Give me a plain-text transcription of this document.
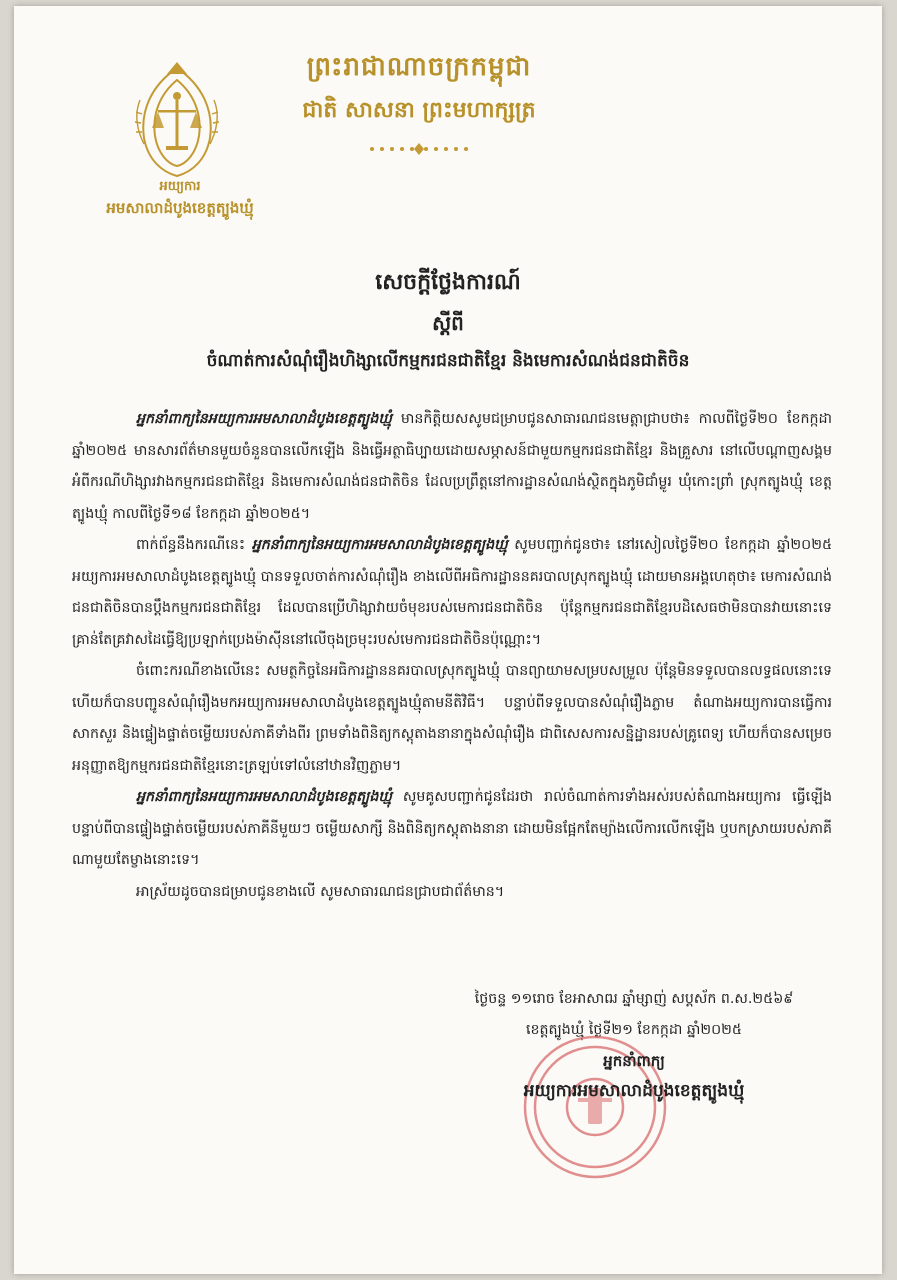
អយ្យការ
អមសាលាដំបូងខេត្តត្បូងឃ្មុំ
ព្រះរាជាណាចក្រកម្ពុជា
ជាតិ សាសនា ព្រះមហាក្សត្រ
សេចក្តីថ្លែងការណ៍
ស្តីពី
ចំណាត់ការសំណុំរឿងហិង្សាលើកម្មករជនជាតិខ្មែរ និងមេការសំណង់ជនជាតិចិន

អ្នកនាំពាក្យនៃអយ្យការអមសាលាដំបូងខេត្តត្បូងឃ្មុំ មានកិត្តិយសសូមជម្រាបជូនសាធារណជនមេត្តាជ្រាបថា៖ កាលពីថ្ងៃទី២០ ខែកក្កដា ឆ្នាំ២០២៥ មានសារព័ត៌មានមួយចំនួនបានលើកឡើង និងធ្វើអត្ថាធិប្បាយដោយសម្ភាសន៍ជាមួយកម្មករជនជាតិខ្មែរ និងគ្រួសារ នៅលើបណ្តាញសង្គម អំពីករណីហិង្សារវាងកម្មករជនជាតិខ្មែរ និងមេការសំណង់ជនជាតិចិន ដែលប្រព្រឹត្តនៅការដ្ឋានសំណង់ស្ថិតក្នុងភូមិជាំម្លូរ ឃុំកោះព្រាំ ស្រុកត្បូងឃ្មុំ ខេត្តត្បូងឃ្មុំ កាលពីថ្ងៃទី១៨ ខែកក្កដា ឆ្នាំ២០២៥។

ពាក់ព័ន្ធនឹងករណីនេះ អ្នកនាំពាក្យនៃអយ្យការអមសាលាដំបូងខេត្តត្បូងឃ្មុំ សូមបញ្ជាក់ជូនថា៖ នៅរសៀលថ្ងៃទី២០ ខែកក្កដា ឆ្នាំ២០២៥ អយ្យការអមសាលាដំបូងខេត្តត្បូងឃ្មុំ បានទទួលចាត់ការសំណុំរឿង ខាងលើពីអធិការដ្ឋាននគរបាលស្រុកត្បូងឃ្មុំ ដោយមានអង្គហេតុថា៖ មេការសំណង់ជនជាតិចិនបានប្តឹងកម្មករជនជាតិខ្មែរ ដែលបានប្រើហិង្សាវាយចំមុខរបស់មេការជនជាតិចិន ប៉ុន្តែកម្មករជនជាតិខ្មែរបដិសេធថាមិនបានវាយនោះទេ គ្រាន់តែគ្រវាសដៃធ្វើឱ្យប្រឡាក់ប្រេងម៉ាស៊ីននៅលើចុងច្រមុះរបស់មេការជនជាតិចិនប៉ុណ្ណោះ។

ចំពោះករណីខាងលើនេះ សមត្ថកិច្ចនៃអធិការដ្ឋាននគរបាលស្រុកត្បូងឃ្មុំ បានព្យាយាមសម្របសម្រួល ប៉ុន្តែមិនទទួលបានលទ្ធផលនោះទេ ហើយក៏បានបញ្ជូនសំណុំរឿងមកអយ្យការអមសាលាដំបូងខេត្តត្បូងឃ្មុំតាមនីតិវិធី។ បន្ទាប់ពីទទួលបានសំណុំរឿងភ្លាម តំណាងអយ្យការបានធ្វើការសាកសួរ និងផ្ទៀងផ្ទាត់ចម្លើយរបស់ភាគីទាំងពីរ ព្រមទាំងពិនិត្យកស្តុតាងនានាក្នុងសំណុំរឿង ជាពិសេសការសន្និដ្ឋានរបស់គ្រូពេទ្យ ហើយក៏បានសម្រេចអនុញ្ញាតឱ្យកម្មករជនជាតិខ្មែរនោះត្រឡប់ទៅលំនៅឋានវិញភ្លាម។

អ្នកនាំពាក្យនៃអយ្យការអមសាលាដំបូងខេត្តត្បូងឃ្មុំ សូមគូសបញ្ជាក់ជូនដែរថា រាល់ចំណាត់ការទាំងអស់របស់តំណាងអយ្យការ ធ្វើឡើងបន្ទាប់ពីបានផ្ទៀងផ្ទាត់ចម្លើយរបស់ភាគីនីមួយៗ ចម្លើយសាក្សី និងពិនិត្យកស្តុតាងនានា ដោយមិនផ្អែកតែម្យ៉ាងលើការលើកឡើង ឬបកស្រាយរបស់ភាគីណាមួយតែម្ខាងនោះទេ។

អាស្រ័យដូចបានជម្រាបជូនខាងលើ សូមសាធារណជនជ្រាបជាព័ត៌មាន។

ថ្ងៃចន្ទ ១១រោច ខែអាសាឍ ឆ្នាំម្សាញ់ សប្តស័ក ព.ស.២៥៦៩
ខេត្តត្បូងឃ្មុំ ថ្ងៃទី២១ ខែកក្កដា ឆ្នាំ២០២៥
អ្នកនាំពាក្យ
អយ្យការអមសាលាដំបូងខេត្តត្បូងឃ្មុំ
